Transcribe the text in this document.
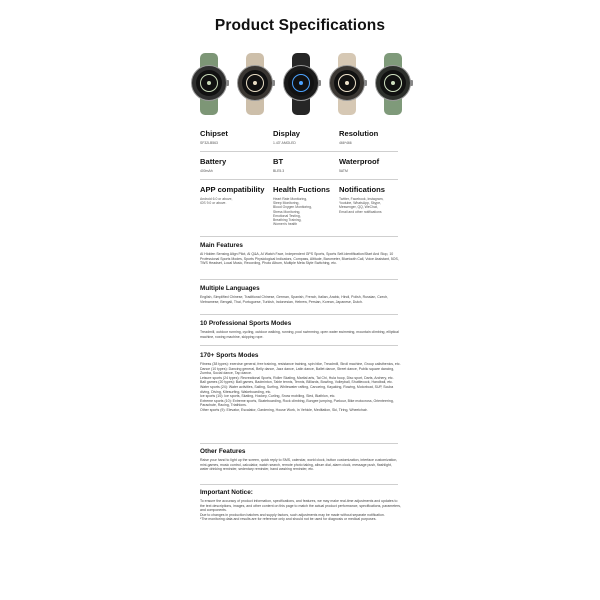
Product Specifications
Chipset
SF32LB563
Display
1.43" AMOLED
Resolution
466*466
Battery
400mAh
BT
BLE5.3
Waterproof
5ATM
APP compatibility
Android 6.0 or above,
iOS 9.0 or above.
Health Fuctions
Heart Rate Monitoring,
Sleep Monitoring,
Blood Oxygen Monitoring,
Stress Monitoring,
Emotional Testing,
Breathing Training,
Women's health
Notifications
Twitter, Facebook, Instagram,
Youtube, WhatsApp, Skype,
Messenger, QQ, WeChat,
Email and other notifications
Main Features
AI Hidden Sensing Align Pilot, AI Q&A, AI Watch Face, Independent GPS Sports, Sports Self-identification/Start And Stop, 10 Professional Sports Modes, Sports Physiological Indicators, Compass, Altitude, Barometer, Bluetooth Call, Voice Assistant, 5OS, TWS Headset, Local Music, Recording, Photo Album, Multiple Meta Style Switching, etc.
Multiple Languages
English, Simplified Chinese, Traditional Chinese, German, Spanish, French, Italian, Arabic, Hindi, Polish, Russian, Czech, Vietnamese, Bengali, Thai, Portuguese, Turkish, Indonesian, Hebrew, Persian, Korean, Japanese, Dutch.
10 Professional Sports Modes
Treadmill, outdoor running, cycling, outdoor walking, running, pool swimming, open water swimming, mountain climbing, elliptical machine, rowing machine, skipping rope.
170+ Sports Modes
Fitness (38 types): exercise general, free training, resistance training, spin bike, Treadmill, Stroll machine, Group calisthenics, etc.
Dance (10 types): Dancing general, Belly dance, Jazz dance, Latin dance, Ballet dance, Street dance, Public square dancing, Zumba, Social dance, Tap dance.
Leisure sports (24 types): Recreational Sports, Roller Skating, Martial arts, Tai Chi, Hula hoop, Disc sport, Darts, Archery, etc.
Ball games (20 types): Ball games, Badminton, Table tennis, Tennis, Billiards, Bowling, Volleyball, Shuttlecock, Handball, etc.
Water sports (24): Water activities, Sailing, Surfing, Whitewater rafting, Canoeing, Kayaking, Rowing, Motorboat, SUP, Scuba diving, Diving, Kitesurfing, Wakeboarding, etc.
Ice sports (10): Ice sports, Skating, Hockey, Curling, Snow mobiling, Sled, Biathlon, etc.
Extreme sports (10): Extreme sports, Skateboarding, Rock climbing, Bungee jumping, Parkour, Bike motocross, Orienteering, Parachute, Racing, Triathlons.
Other sports (9): Elevator, Escalator, Gardening, House Work, In Vehicle, Meditation, Ski, Tiring, Wheelchair.
Other Features
Raise your hand to light up the screen, quick reply to SMS, calendar, world clock, button customization, interface customization, mini-games, music control, calculator, watch search, remote photo taking, album dial, alarm clock, message push, flashlight, water drinking reminder, sedentary reminder, hand washing reminder, etc.
Important Notice:
To ensure the accuracy of product information, specifications, and features, we may make real-time adjustments and updates to the text descriptions, images, and other content on this page to match the actual product performance, specifications, parameters, and components.
Due to changes in production batches and supply factors, such adjustments may be made without separate notification.
*The monitoring data and results are for reference only and should not be used for diagnosis or medical purposes.
